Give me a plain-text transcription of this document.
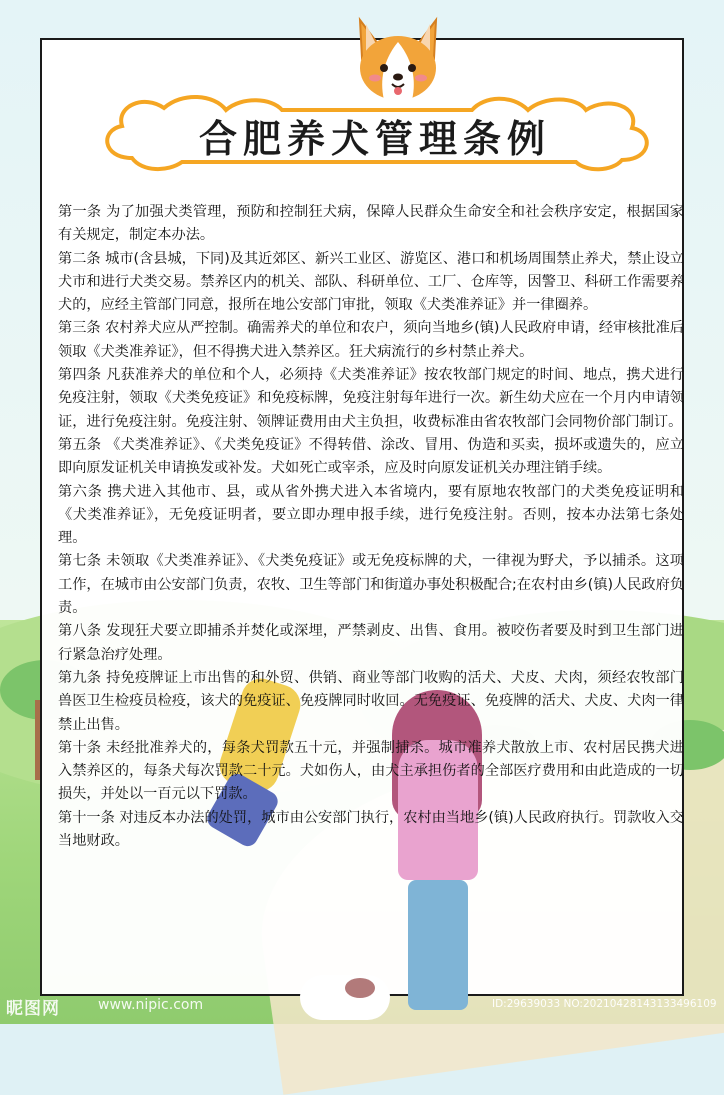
合肥养犬管理条例

第一条 为了加强犬类管理，预防和控制狂犬病，保障人民群众生命安全和社会秩序安定，根据国家有关规定，制定本办法。

第二条 城市(含县城，下同)及其近郊区、新兴工业区、游览区、港口和机场周围禁止养犬，禁止设立犬市和进行犬类交易。禁养区内的机关、部队、科研单位、工厂、仓库等，因警卫、科研工作需要养犬的，应经主管部门同意，报所在地公安部门审批，领取《犬类准养证》并一律圈养。

第三条 农村养犬应从严控制。确需养犬的单位和农户，须向当地乡(镇)人民政府申请，经审核批准后领取《犬类准养证》，但不得携犬进入禁养区。狂犬病流行的乡村禁止养犬。

第四条 凡获准养犬的单位和个人，必须持《犬类准养证》按农牧部门规定的时间、地点，携犬进行免疫注射，领取《犬类免疫证》和免疫标牌，免疫注射每年进行一次。新生幼犬应在一个月内申请领证，进行免疫注射。免疫注射、领牌证费用由犬主负担，收费标准由省农牧部门会同物价部门制订。

第五条 《犬类准养证》、《犬类免疫证》不得转借、涂改、冒用、伪造和买卖，损坏或遗失的，应立即向原发证机关申请换发或补发。犬如死亡或宰杀，应及时向原发证机关办理注销手续。

第六条 携犬进入其他市、县，或从省外携犬进入本省境内，要有原地农牧部门的犬类免疫证明和《犬类准养证》，无免疫证明者，要立即办理申报手续，进行免疫注射。否则，按本办法第七条处理。

第七条 未领取《犬类准养证》、《犬类免疫证》或无免疫标牌的犬，一律视为野犬，予以捕杀。这项工作，在城市由公安部门负责，农牧、卫生等部门和街道办事处积极配合;在农村由乡(镇)人民政府负责。

第八条 发现狂犬要立即捕杀并焚化或深埋，严禁剥皮、出售、食用。被咬伤者要及时到卫生部门进行紧急治疗处理。

第九条 持免疫牌证上市出售的和外贸、供销、商业等部门收购的活犬、犬皮、犬肉，须经农牧部门兽医卫生检疫员检疫，该犬的免疫证、免疫牌同时收回。无免疫证、免疫牌的活犬、犬皮、犬肉一律禁止出售。

第十条 未经批准养犬的，每条犬罚款五十元，并强制捕杀。城市准养犬散放上市、农村居民携犬进入禁养区的，每条犬每次罚款二十元。犬如伤人，由犬主承担伤者的全部医疗费用和由此造成的一切损失，并处以一百元以下罚款。

第十一条 对违反本办法的处罚，城市由公安部门执行，农村由当地乡(镇)人民政府执行。罚款收入交当地财政。

昵图网	www.nipic.com	ID:29639033 NO:20210428143133496109
